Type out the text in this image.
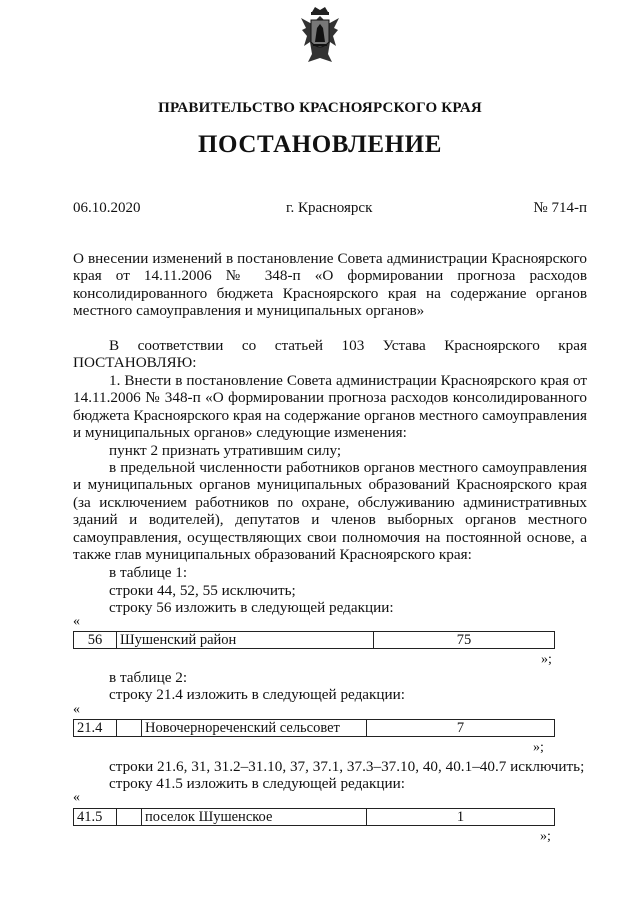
ПРАВИТЕЛЬСТВО КРАСНОЯРСКОГО КРАЯ
ПОСТАНОВЛЕНИЕ
06.10.2020	г. Красноярск	№ 714-п

О внесении изменений в постановление Совета администрации Красноярского края от 14.11.2006 № 348-п «О формировании прогноза расходов консолидированного бюджета Красноярского края на содержание органов местного самоуправления и муниципальных органов»

В соответствии со статьей 103 Устава Красноярского края

ПОСТАНОВЛЯЮ:

1. Внести в постановление Совета администрации Красноярского края от 14.11.2006 № 348-п «О формировании прогноза расходов консолидированного бюджета Красноярского края на содержание органов местного самоуправления и муниципальных органов» следующие изменения:

пункт 2 признать утратившим силу;

в предельной численности работников органов местного самоуправления и муниципальных органов муниципальных образований Красноярского края (за исключением работников по охране, обслуживанию административных зданий и водителей), депутатов и членов выборных органов местного самоуправления, осуществляющих свои полномочия на постоянной основе, а также глав муниципальных образований Красноярского края:

в таблице 1:
строки 44, 52, 55 исключить;
строку 56 изложить в следующей редакции:
«
56	Шушенский район	75
»;
в таблице 2:
строку 21.4 изложить в следующей редакции:
«
21.4		Новочернореченский сельсовет	7
»;
строки 21.6, 31, 31.2–31.10, 37, 37.1, 37.3–37.10, 40, 40.1–40.7 исключить;
строку 41.5 изложить в следующей редакции:
«
41.5		поселок Шушенское	1
»;
